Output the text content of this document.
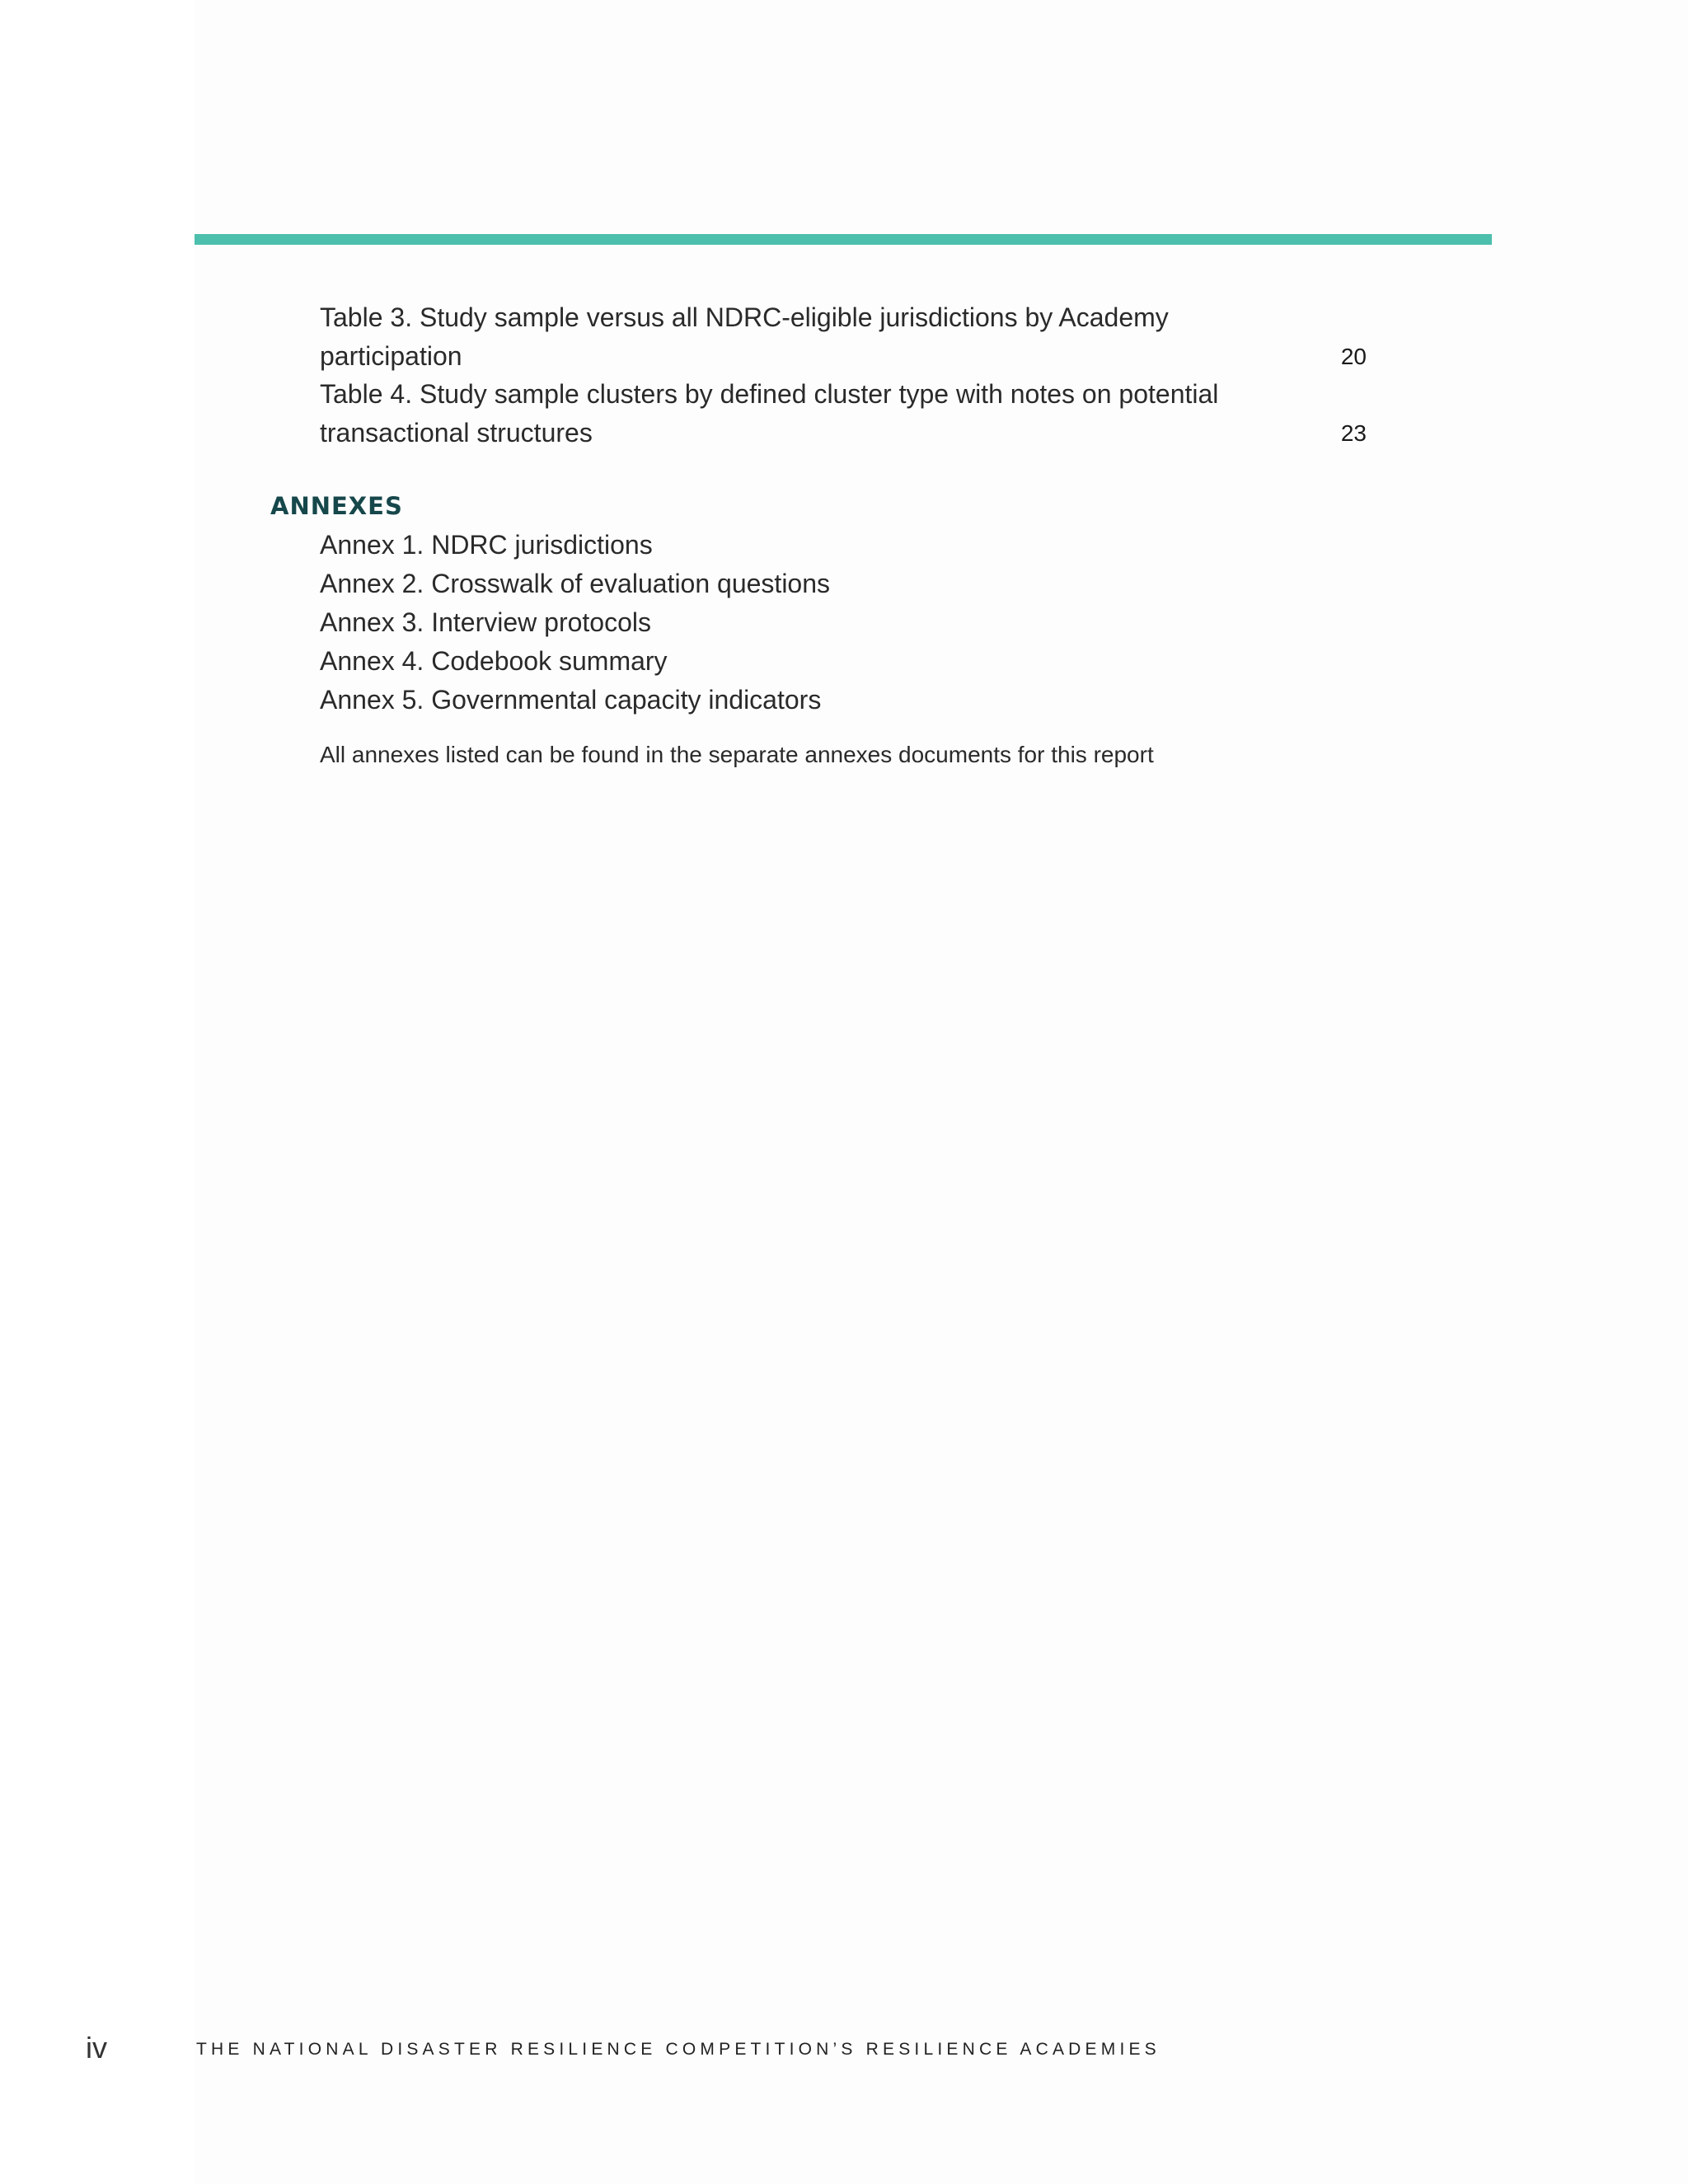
Table 3. Study sample versus all NDRC-eligible jurisdictions by Academy
participation	20
Table 4. Study sample clusters by defined cluster type with notes on potential
transactional structures	23
ANNEXES
Annex 1. NDRC jurisdictions
Annex 2. Crosswalk of evaluation questions
Annex 3. Interview protocols
Annex 4. Codebook summary
Annex 5. Governmental capacity indicators
All annexes listed can be found in the separate annexes documents for this report
iv	THE NATIONAL DISASTER RESILIENCE COMPETITION’S RESILIENCE ACADEMIES
